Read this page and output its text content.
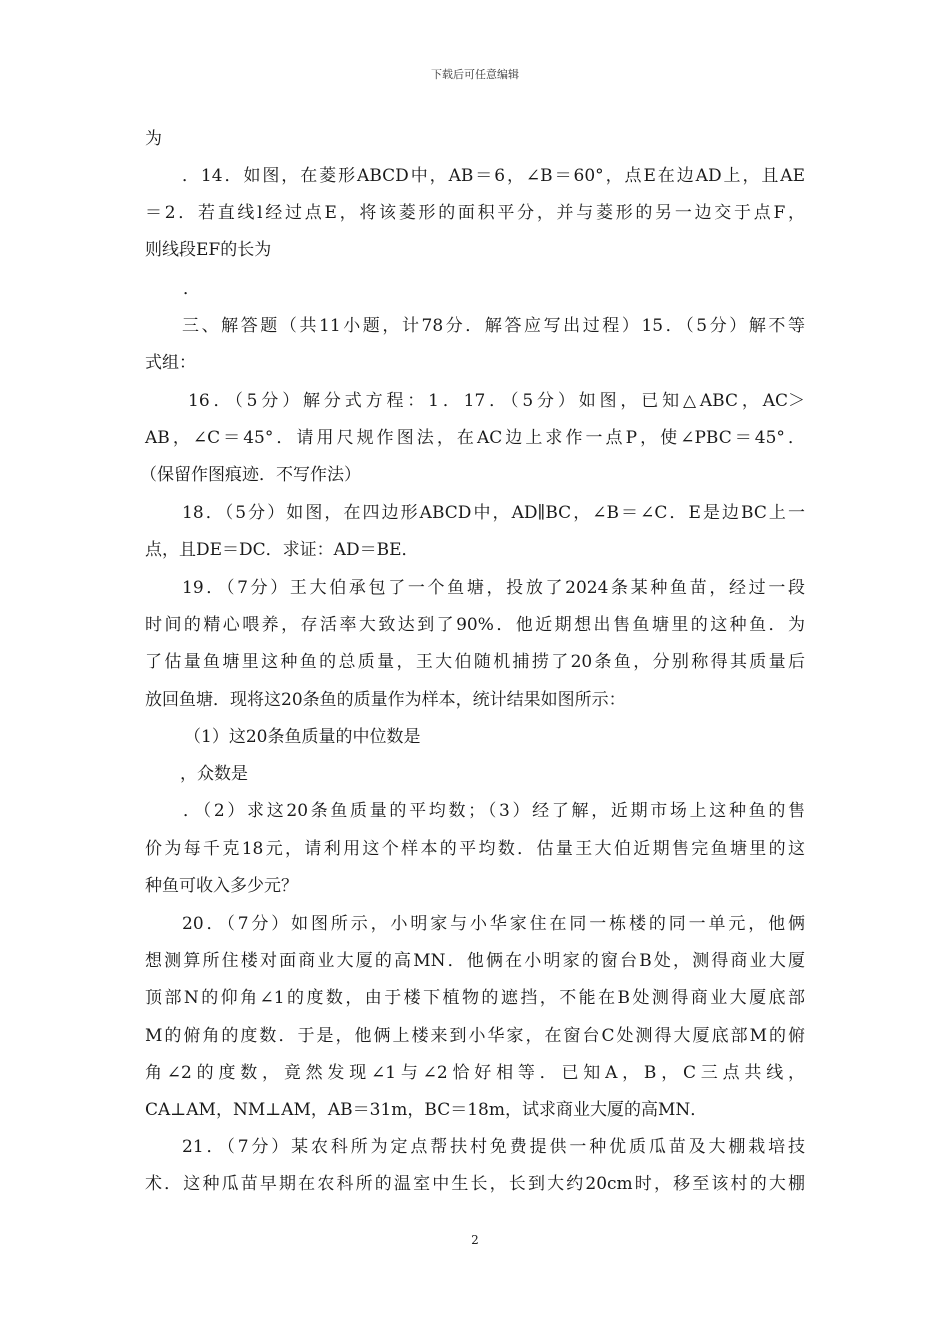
下载后可任意编辑
为
．14．如图，在菱形ABCD中，AB＝6，∠B＝60°，点E在边AD上，且AE
＝2．若直线l经过点E，将该菱形的面积平分，并与菱形的另一边交于点F，
则线段EF的长为
．
三、解答题（共11小题，计78分．解答应写出过程）15．（5分）解不等
式组：
16．（5分）解分式方程：1．17．（5分）如图，已知△ABC，AC＞
AB，∠C＝45°．请用尺规作图法，在AC边上求作一点P，使∠PBC＝45°．
（保留作图痕迹．不写作法）
18．（5分）如图，在四边形ABCD中，AD∥BC，∠B＝∠C．E是边BC上一
点，且DE＝DC．求证：AD＝BE．
19．（7分）王大伯承包了一个鱼塘，投放了2024条某种鱼苗，经过一段
时间的精心喂养，存活率大致达到了90%．他近期想出售鱼塘里的这种鱼．为
了估量鱼塘里这种鱼的总质量，王大伯随机捕捞了20条鱼，分别称得其质量后
放回鱼塘．现将这20条鱼的质量作为样本，统计结果如图所示：
（1）这20条鱼质量的中位数是
，众数是
．（2）求这20条鱼质量的平均数；（3）经了解，近期市场上这种鱼的售
价为每千克18元，请利用这个样本的平均数．估量王大伯近期售完鱼塘里的这
种鱼可收入多少元？
20．（7分）如图所示，小明家与小华家住在同一栋楼的同一单元，他俩
想测算所住楼对面商业大厦的高MN．他俩在小明家的窗台B处，测得商业大厦
顶部N的仰角∠1的度数，由于楼下植物的遮挡，不能在B处测得商业大厦底部
M的俯角的度数．于是，他俩上楼来到小华家，在窗台C处测得大厦底部M的俯
角∠2的度数，竟然发现∠1与∠2恰好相等．已知A，B，C三点共线，
CA⊥AM，NM⊥AM，AB＝31m，BC＝18m，试求商业大厦的高MN．
21．（7分）某农科所为定点帮扶村免费提供一种优质瓜苗及大棚栽培技
术．这种瓜苗早期在农科所的温室中生长，长到大约20cm时，移至该村的大棚
2
